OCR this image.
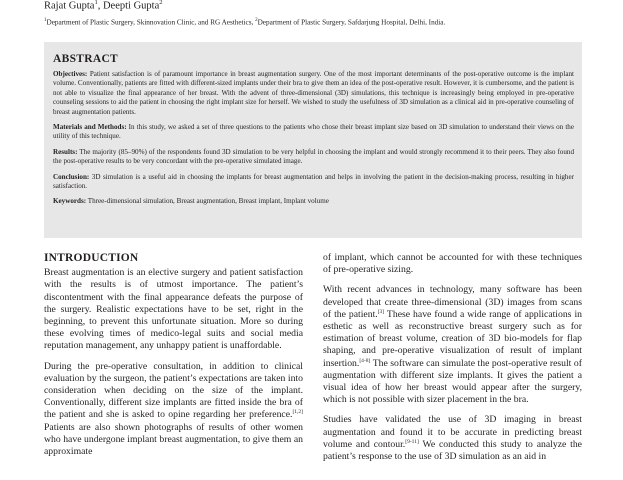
Rajat Gupta$^1$, Deepti Gupta$^2$
$^1$Department of Plastic Surgery, Skinnovation Clinic, and RG Aesthetics, $^2$Department of Plastic Surgery, Safdarjung Hospital, Delhi, India.
ABSTRACT

Objectives: Patient satisfaction is of paramount importance in breast augmentation surgery. One of the most important determinants of the post-operative outcome is the implant volume. Conventionally, patients are fitted with different-sized implants under their bra to give them an idea of the post-operative result. However, it is cumbersome, and the patient is not able to visualize the final appearance of her breast. With the advent of three-dimensional (3D) simulations, this technique is increasingly being employed in pre-operative counseling sessions to aid the patient in choosing the right implant size for herself. We wished to study the usefulness of 3D simulation as a clinical aid in pre-operative counseling of breast augmentation patients.

Materials and Methods: In this study, we asked a set of three questions to the patients who chose their breast implant size based on 3D simulation to understand their views on the utility of this technique.

Results: The majority (85–90%) of the respondents found 3D simulation to be very helpful in choosing the implant and would strongly recommend it to their peers. They also found the post-operative results to be very concordant with the pre-operative simulated image.

Conclusion: 3D simulation is a useful aid in choosing the implants for breast augmentation and helps in involving the patient in the decision-making process, resulting in higher satisfaction.

Keywords: Three-dimensional simulation, Breast augmentation, Breast implant, Implant volume

INTRODUCTION

Breast augmentation is an elective surgery and patient satisfaction with the results is of utmost importance. The patient’s discontentment with the final appearance defeats the purpose of the surgery. Realistic expectations have to be set, right in the beginning, to prevent this unfortunate situation. More so during these evolving times of medico-legal suits and social media reputation management, any unhappy patient is unaffordable.

During the pre-operative consultation, in addition to clinical evaluation by the surgeon, the patient’s expectations are taken into consideration when deciding on the size of the implant. Conventionally, different size implants are fitted inside the bra of the patient and she is asked to opine regarding her preference.[1,2] Patients are also shown photographs of results of other women who have undergone implant breast augmentation, to give them an approximate

of implant, which cannot be accounted for with these techniques of pre-operative sizing.

With recent advances in technology, many software has been developed that create three-dimensional (3D) images from scans of the patient.[3] These have found a wide range of applications in esthetic as well as reconstructive breast surgery such as for estimation of breast volume, creation of 3D bio-models for flap shaping, and pre-operative visualization of result of implant insertion.[4-8] The software can simulate the post-operative result of augmentation with different size implants. It gives the patient a visual idea of how her breast would appear after the surgery, which is not possible with sizer placement in the bra.

Studies have validated the use of 3D imaging in breast augmentation and found it to be accurate in predicting breast volume and contour.[9-11] We conducted this study to analyze the patient’s response to the use of 3D simulation as an aid in
